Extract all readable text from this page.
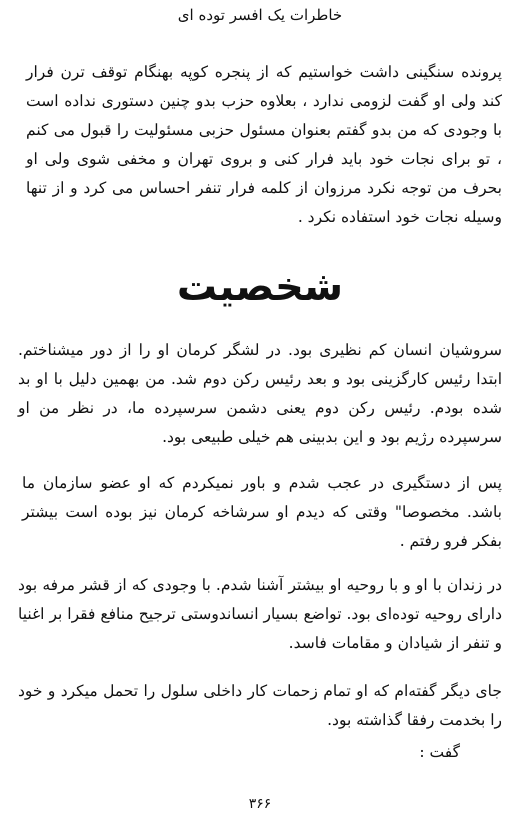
خاطرات یک افسر توده ای

پرونده سنگینی داشت خواستیم که از پنجره کوپه بهنگام توقف ترن فرار کند ولی او گفت لزومی ندارد ، بعلاوه حزب بدو چنین دستوری نداده است با وجودی که من بدو گفتم بعنوان مسئول حزبی مسئولیت را قبول می کنم ، تو برای نجات خود باید فرار کنی و بروی تهران و مخفی شوی ولی او بحرف من توجه نکرد مرزوان از کلمه فرار تنفر احساس می کرد و از تنها وسیله نجات خود استفاده نکرد .

شخصیت

سروشیان انسان کم نظیری بود. در لشگر کرمان او را از دور میشناختم. ابتدا رئیس کارگزینی بود و بعد رئیس رکن دوم شد. من بهمین دلیل با او بد شده بودم. رئیس رکن دوم یعنی دشمن سرسپرده ما، در نظر من او سرسپرده رژیم بود و این بدبینی هم خیلی طبیعی بود.

پس از دستگیری در عجب شدم و باور نمیکردم که او عضو سازمان ما باشد. مخصوصا" وقتی که دیدم او سرشاخه کرمان نیز بوده است بیشتر بفکر فرو رفتم .

در زندان با او و با روحیه او بیشتر آشنا شدم. با وجودی که از قشر مرفه بود دارای روحیه توده‌ای بود. تواضع بسیار انساندوستی ترجیح منافع فقرا بر اغنیا و تنفر از شیادان و مقامات فاسد.

جای دیگر گفته‌ام که او تمام زحمات کار داخلی سلول را تحمل میکرد و خود را بخدمت رفقا گذاشته بود.

گفت :
۳۶۶
